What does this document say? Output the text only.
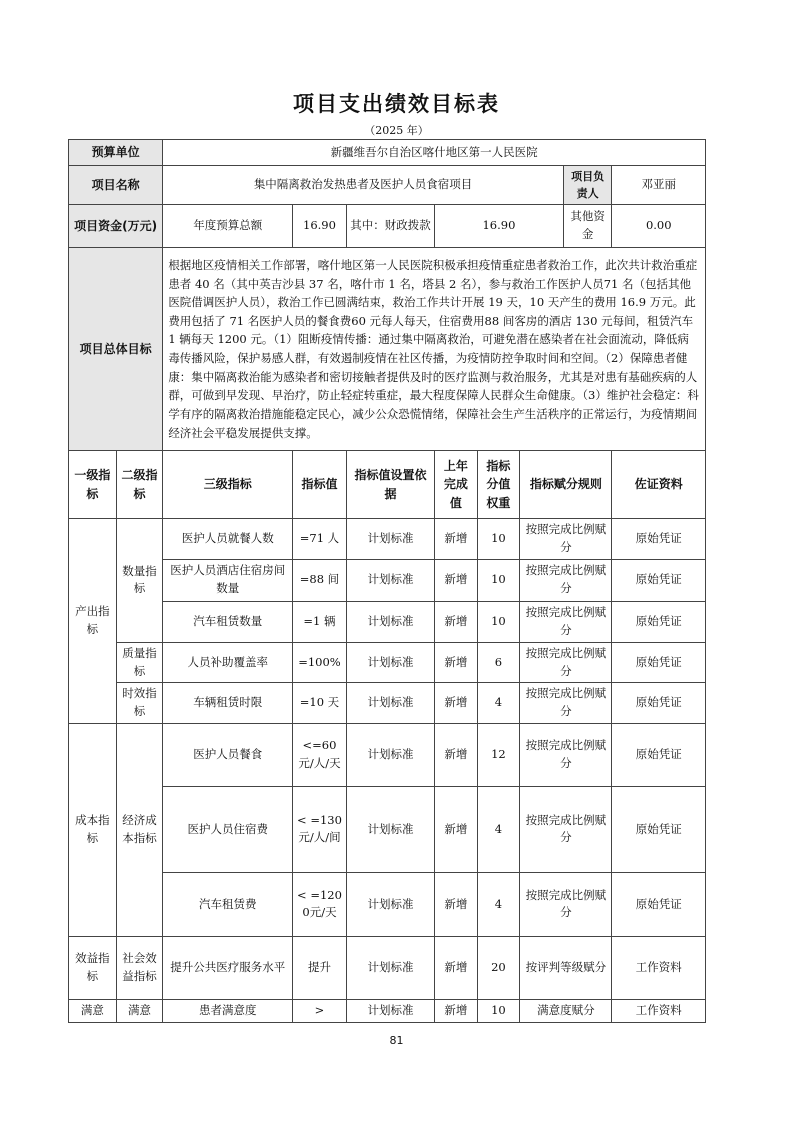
项目支出绩效目标表
（2025 年）
预算单位		新疆维吾尔自治区喀什地区第一人民医院							
项目名称		集中隔离救治发热患者及医护人员食宿项目						项目负责人	邓亚丽
项目资金(万元)		年度预算总额	16.90	其中：财政拨款	16.90			其他资金	0.00
项目总体目标		根据地区疫情相关工作部署，喀什地区第一人民医院积极承担疫情重症患者救治工作，此次共计救治重症患者 40 名（其中英吉沙县 37 名，喀什市 1 名，塔县 2 名），参与救治工作医护人员71 名（包括其他医院借调医护人员），救治工作已圆满结束，救治工作共计开展 19 天，10 天产生的费用 16.9 万元。此费用包括了 71 名医护人员的餐食费60 元每人每天，住宿费用88 间客房的酒店 130 元每间，租赁汽车 1 辆每天 1200 元。（1）阻断疫情传播：通过集中隔离救治，可避免潜在感染者在社会面流动，降低病毒传播风险，保护易感人群，有效遏制疫情在社区传播，为疫情防控争取时间和空间。（2）保障患者健康：集中隔离救治能为感染者和密切接触者提供及时的医疗监测与救治服务，尤其是对患有基础疾病的人群，可做到早发现、早治疗，防止轻症转重症，最大程度保障人民群众生命健康。（3）维护社会稳定：科学有序的隔离救治措施能稳定民心，减少公众恐慌情绪，保障社会生产生活秩序的正常运行，为疫情期间经济社会平稳发展提供支撑。							
一级指标	二级指标	三级指标	指标值	指标值设置依据	上年完成值	指标分值权重	指标赋分规则		佐证资料
产出指标	数量指标	医护人员就餐人数	=71 人	计划标准	新增	10	按照完成比例赋分		原始凭证
		医护人员酒店住宿房间数量	=88 间	计划标准	新增	10	按照完成比例赋分		原始凭证
		汽车租赁数量	=1 辆	计划标准	新增	10	按照完成比例赋分		原始凭证
	质量指标	人员补助覆盖率	=100%	计划标准	新增	6	按照完成比例赋分		原始凭证
	时效指标	车辆租赁时限	=10 天	计划标准	新增	4	按照完成比例赋分		原始凭证
成本指标	经济成本指标	医护人员餐食	<=60元/人/天	计划标准	新增	12	按照完成比例赋分		原始凭证
		医护人员住宿费	< =130元/人/间	计划标准	新增	4	按照完成比例赋分		原始凭证
		汽车租赁费	< =1200元/天	计划标准	新增	4	按照完成比例赋分		原始凭证
效益指标	社会效益指标	提升公共医疗服务水平	提升	计划标准	新增	20	按评判等级赋分		工作资料
满意	满意	患者满意度	>	计划标准	新增	10	满意度赋分		工作资料
81
